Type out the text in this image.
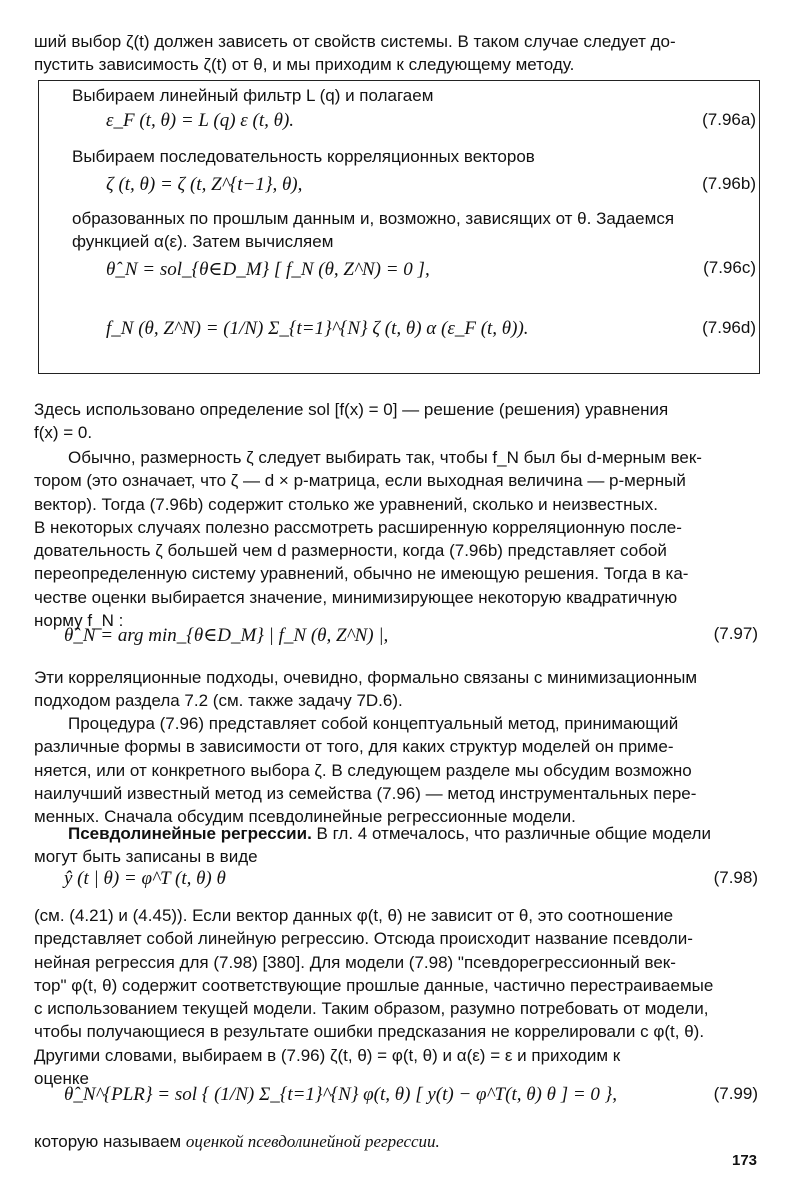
ший выбор ζ(t) должен зависеть от свойств системы. В таком случае следует до-
пустить зависимость ζ(t) от θ, и мы приходим к следующему методу.
Выбираем линейный фильтр L (q) и полагаем
ε_F (t, θ) = L (q) ε (t, θ).	(7.96a)
Выбираем последовательность корреляционных векторов
ζ (t, θ) = ζ (t, Z^{t−1}, θ),	(7.96b)
образованных по прошлым данным и, возможно, зависящих от θ. Задаемся
функцией α(ε). Затем вычисляем
θ̂_N = sol_{θ∈D_M} [ f_N (θ, Z^N) = 0 ],	(7.96c)
f_N (θ, Z^N) = (1/N) Σ_{t=1}^{N} ζ (t, θ) α (ε_F (t, θ)).	(7.96d)
Здесь использовано определение sol [f(x) = 0] — решение (решения) уравнения
f(x) = 0.
Обычно, размерность ζ следует выбирать так, чтобы f_N был бы d-мерным век-
тором (это означает, что ζ — d × p-матрица, если выходная величина — p-мерный
вектор). Тогда (7.96b) содержит столько же уравнений, сколько и неизвестных.
В некоторых случаях полезно рассмотреть расширенную корреляционную после-
довательность ζ большей чем d размерности, когда (7.96b) представляет собой
переопределенную систему уравнений, обычно не имеющую решения. Тогда в ка-
честве оценки выбирается значение, минимизирующее некоторую квадратичную
норму f_N :
θ̂_N = arg min_{θ∈D_M} | f_N (θ, Z^N) |,	(7.97)
Эти корреляционные подходы, очевидно, формально связаны с минимизационным
подходом раздела 7.2 (см. также задачу 7D.6).
Процедура (7.96) представляет собой концептуальный метод, принимающий
различные формы в зависимости от того, для каких структур моделей он приме-
няется, или от конкретного выбора ζ. В следующем разделе мы обсудим возможно
наилучший известный метод из семейства (7.96) — метод инструментальных пере-
менных. Сначала обсудим псевдолинейные регрессионные модели.
Псевдолинейные регрессии. В гл. 4 отмечалось, что различные общие модели
могут быть записаны в виде
ŷ (t | θ) = φ^T (t, θ) θ	(7.98)
(см. (4.21) и (4.45)). Если вектор данных φ(t, θ) не зависит от θ, это соотношение
представляет собой линейную регрессию. Отсюда происходит название псевдоли-
нейная регрессия для (7.98) [380]. Для модели (7.98) "псевдорегрессионный век-
тор" φ(t, θ) содержит соответствующие прошлые данные, частично перестраиваемые
с использованием текущей модели. Таким образом, разумно потребовать от модели,
чтобы получающиеся в результате ошибки предсказания не коррелировали с φ(t, θ).
Другими словами, выбираем в (7.96) ζ(t, θ) = φ(t, θ) и α(ε) = ε и приходим к
оценке
θ̂_N^{PLR} = sol { (1/N) Σ_{t=1}^{N} φ(t, θ) [ y(t) − φ^T(t, θ) θ ] = 0 },	(7.99)
которую называем оценкой псевдолинейной регрессии.
173
